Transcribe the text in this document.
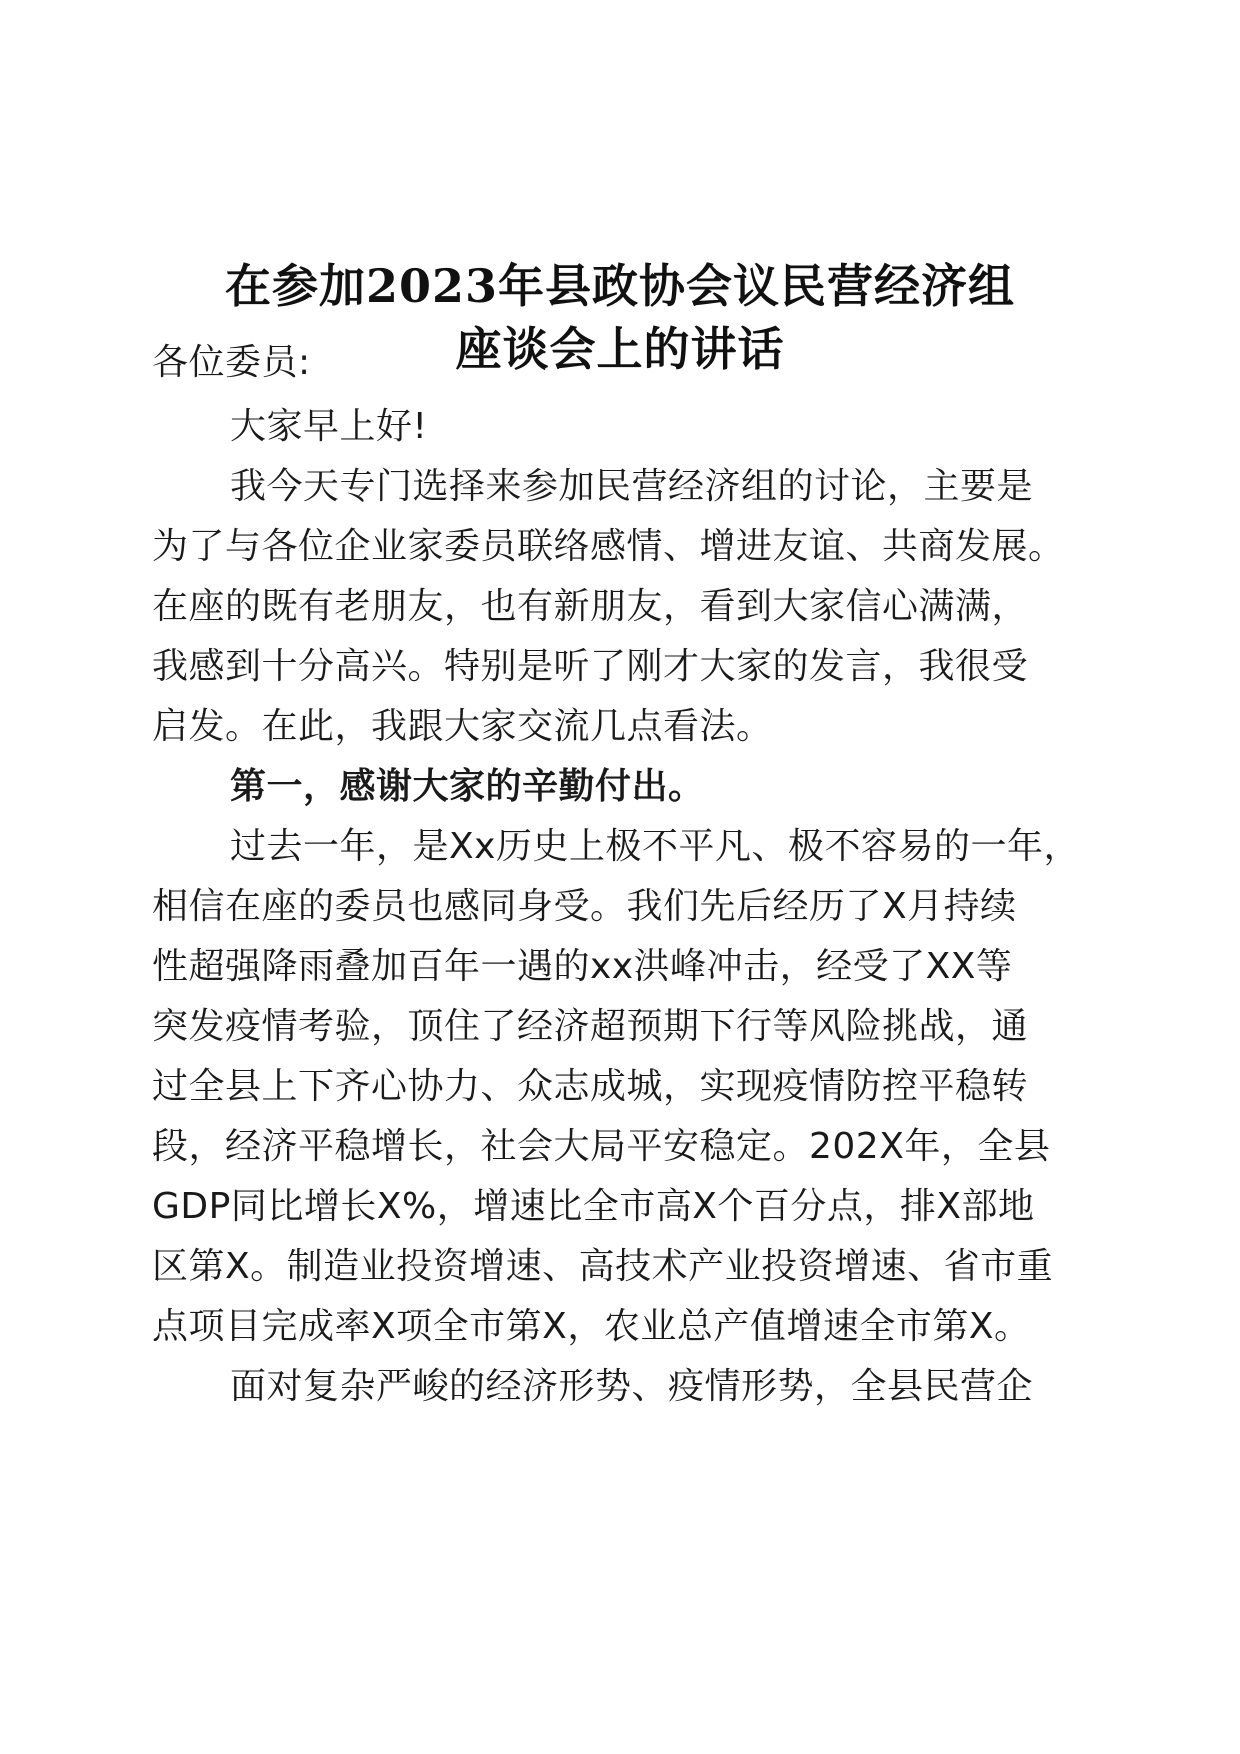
在参加2023年县政协会议民营经济组
座谈会上的讲话
各位委员:
大家早上好!
我今天专门选择来参加民营经济组的讨论，主要是
为了与各位企业家委员联络感情、增进友谊、共商发展。
在座的既有老朋友，也有新朋友，看到大家信心满满，
我感到十分高兴。特别是听了刚才大家的发言，我很受
启发。在此，我跟大家交流几点看法。
第一，感谢大家的辛勤付出。
过去一年，是Xx历史上极不平凡、极不容易的一年，
相信在座的委员也感同身受。我们先后经历了X月持续
性超强降雨叠加百年一遇的xx洪峰冲击，经受了XX等
突发疫情考验，顶住了经济超预期下行等风险挑战，通
过全县上下齐心协力、众志成城，实现疫情防控平稳转
段，经济平稳增长，社会大局平安稳定。202X年，全县
GDP同比增长X%，增速比全市高X个百分点，排X部地
区第X。制造业投资增速、高技术产业投资增速、省市重
点项目完成率X项全市第X，农业总产值增速全市第X。
面对复杂严峻的经济形势、疫情形势，全县民营企
